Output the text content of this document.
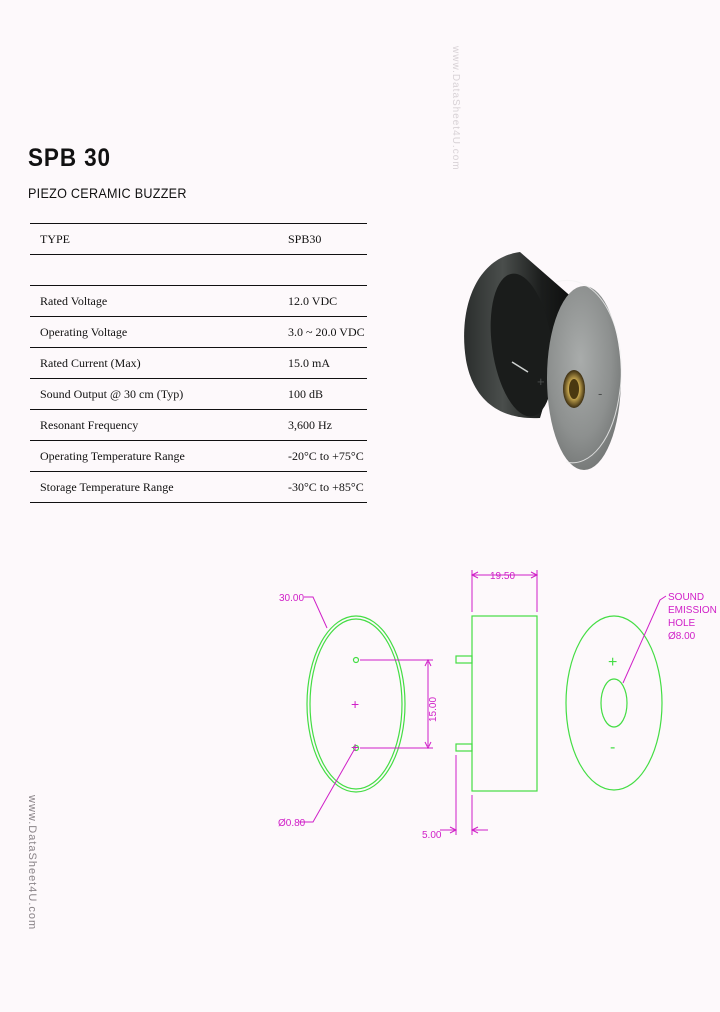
www.DataSheet4U.com
SPB 30
PIEZO CERAMIC BUZZER
TYPE	SPB30
Rated Voltage	12.0 VDC
Operating Voltage	3.0 ~ 20.0 VDC
Rated Current (Max)	15.0 mA
Sound Output @ 30 cm (Typ)	100 dB
Resonant Frequency	3,600 Hz
Operating Temperature Range	-20°C to +75°C
Storage Temperature Range	-30°C to +85°C
+
-
+
+
30.00
15.00
Ø0.80
19.50
5.00
+
-
SOUND
EMISSION
HOLE
Ø8.00
www.DataSheet4U.com
